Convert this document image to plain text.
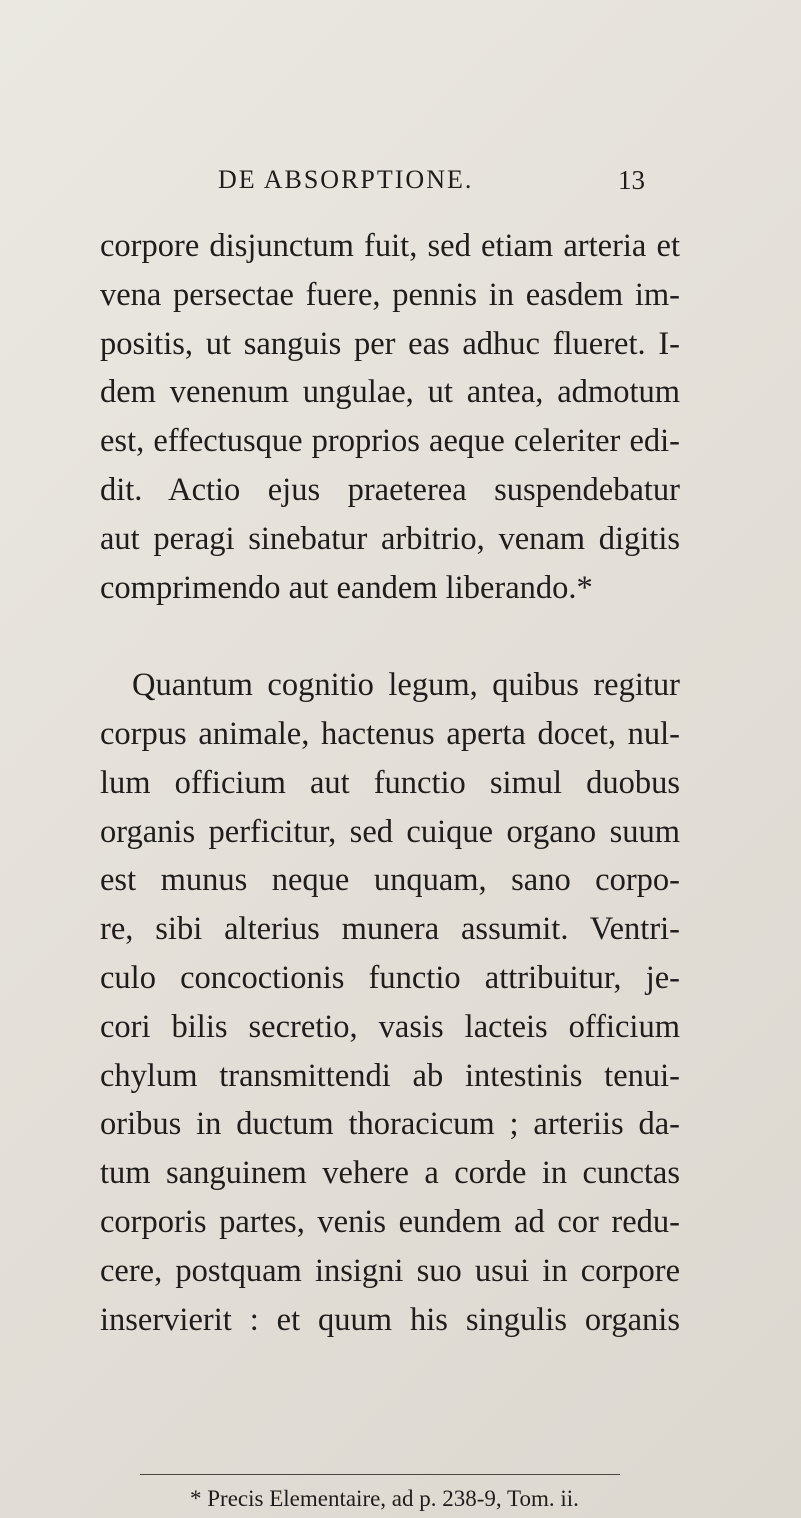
DE ABSORPTIONE.	13
corpore disjunctum fuit, sed etiam arteria et
vena persectae fuere, pennis in easdem im-
positis, ut sanguis per eas adhuc flueret. I-
dem venenum ungulae, ut antea, admotum
est, effectusque proprios aeque celeriter edi-
dit. Actio ejus praeterea suspendebatur
aut peragi sinebatur arbitrio, venam digitis
comprimendo aut eandem liberando.*
Quantum cognitio legum, quibus regitur
corpus animale, hactenus aperta docet, nul-
lum officium aut functio simul duobus
organis perficitur, sed cuique organo suum
est munus neque unquam, sano corpo-
re, sibi alterius munera assumit. Ventri-
culo concoctionis functio attribuitur, je-
cori bilis secretio, vasis lacteis officium
chylum transmittendi ab intestinis tenui-
oribus in ductum thoracicum ; arteriis da-
tum sanguinem vehere a corde in cunctas
corporis partes, venis eundem ad cor redu-
cere, postquam insigni suo usui in corpore
inservierit : et quum his singulis organis
* Precis Elementaire, ad p. 238-9, Tom. ii.
